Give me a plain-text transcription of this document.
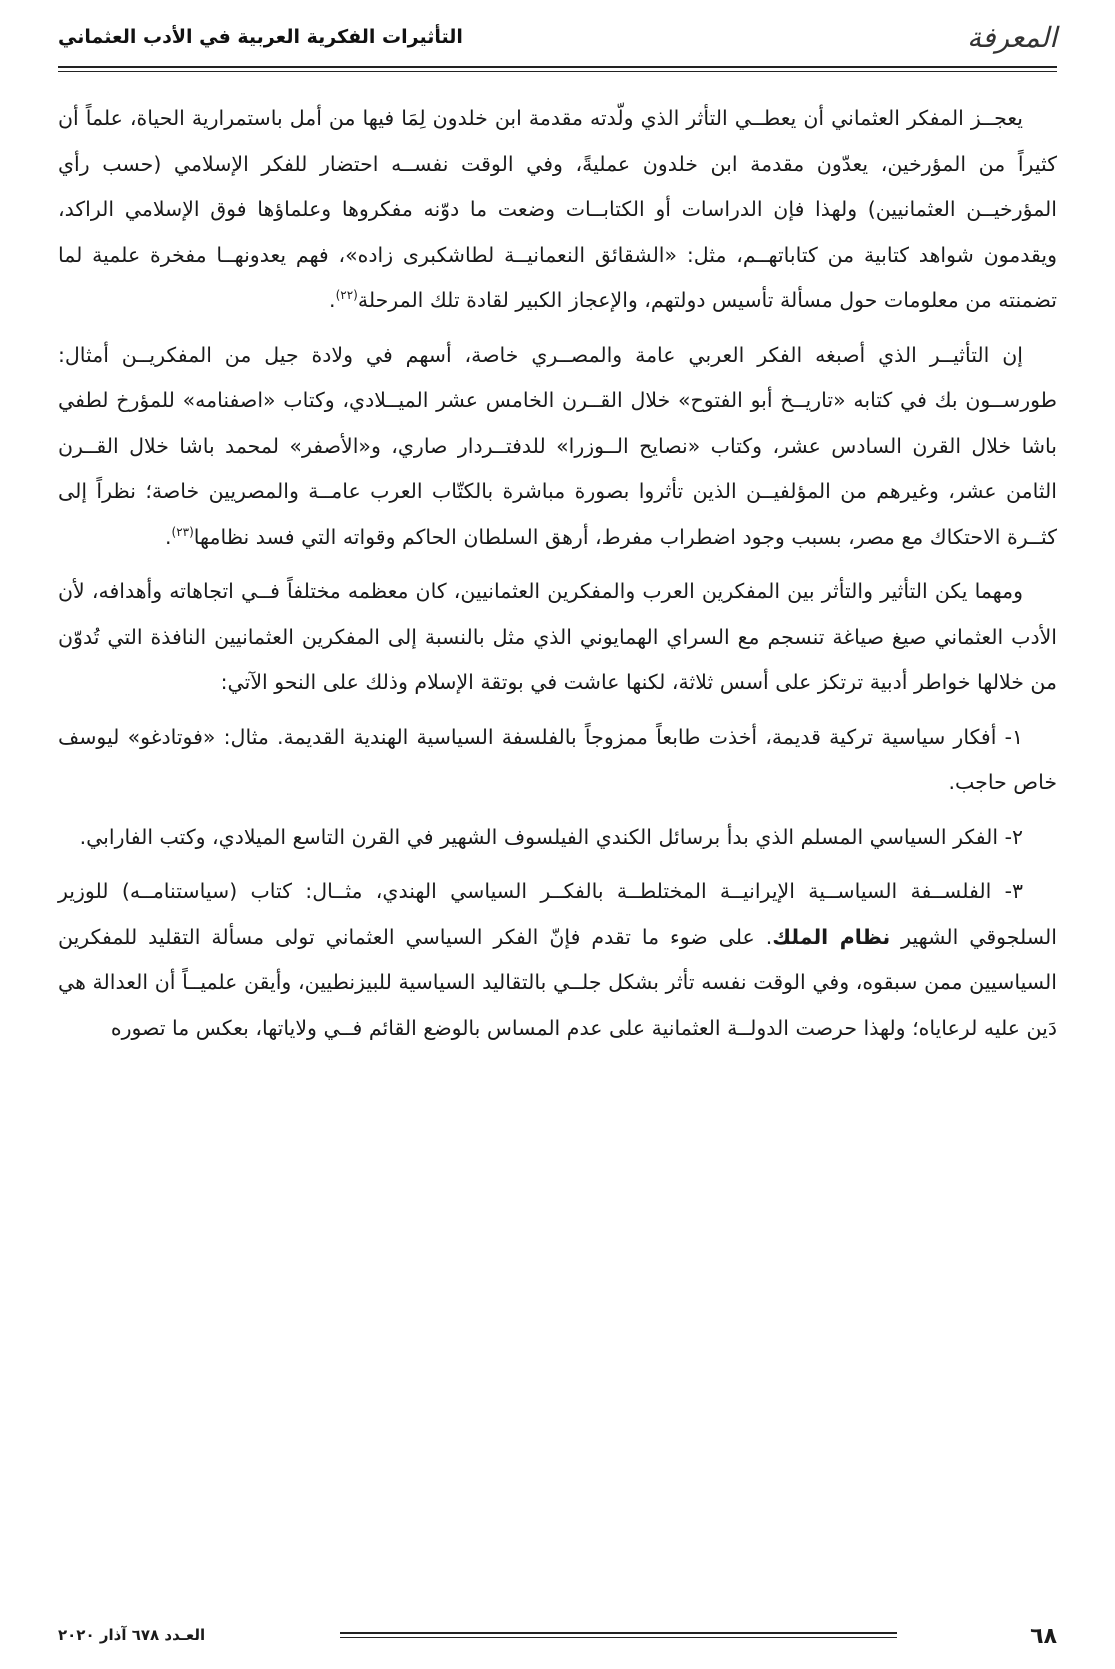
المعرفة
التأثيرات الفكرية العربية في الأدب العثماني

يعجــز المفكر العثماني أن يعطــي التأثر الذي ولّدته مقدمة ابن خلدون لِمَا فيها من أمل باستمرارية الحياة، علماً أن كثيراً من المؤرخين، يعدّون مقدمة ابن خلدون عمليةً، وفي الوقت نفســه احتضار للفكر الإسلامي (حسب رأي المؤرخيــن العثمانيين) ولهذا فإن الدراسات أو الكتابــات وضعت ما دوّنه مفكروها وعلماؤها فوق الإسلامي الراكد، ويقدمون شواهد كتابية من كتاباتهــم، مثل: «الشقائق النعمانيــة لطاشكبرى زاده»، فهم يعدونهــا مفخرة علمية لما تضمنته من معلومات حول مسألة تأسيس دولتهم، والإعجاز الكبير لقادة تلك المرحلة$^{(٢٢)}$.

إن التأثيــر الذي أصبغه الفكر العربي عامة والمصــري خاصة، أسهم في ولادة جيل من المفكريــن أمثال: طورســون بك في كتابه «تاريــخ أبو الفتوح» خلال القــرن الخامس عشر الميــلادي، وكتاب «اصفنامه» للمؤرخ لطفي باشا خلال القرن السادس عشر، وكتاب «نصايح الــوزرا» للدفتــردار صاري، و«الأصفر» لمحمد باشا خلال القــرن الثامن عشر، وغيرهم من المؤلفيــن الذين تأثروا بصورة مباشرة بالكتّاب العرب عامــة والمصريين خاصة؛ نظراً إلى كثــرة الاحتكاك مع مصر، بسبب وجود اضطراب مفرط، أرهق السلطان الحاكم وقواته التي فسد نظامها$^{(٢٣)}$.

ومهما يكن التأثير والتأثر بين المفكرين العرب والمفكرين العثمانيين، كان معظمه مختلفاً فــي اتجاهاته وأهدافه، لأن الأدب العثماني صيغ صياغة تنسجم مع السراي الهمايوني الذي مثل بالنسبة إلى المفكرين العثمانيين النافذة التي تُدوّن من خلالها خواطر أدبية ترتكز على أسس ثلاثة، لكنها عاشت في بوتقة الإسلام وذلك على النحو الآتي:

١- أفكار سياسية تركية قديمة، أخذت طابعاً ممزوجاً بالفلسفة السياسية الهندية القديمة. مثال: «فوتادغو» ليوسف خاص حاجب.

٢- الفكر السياسي المسلم الذي بدأ برسائل الكندي الفيلسوف الشهير في القرن التاسع الميلادي، وكتب الفارابي.

٣- الفلســفة السياســية الإيرانيــة المختلطــة بالفكــر السياسي الهندي، مثــال: كتاب (سياستنامــه) للوزير السلجوقي الشهير نظام الملك. على ضوء ما تقدم فإنّ الفكر السياسي العثماني تولى مسألة التقليد للمفكرين السياسيين ممن سبقوه، وفي الوقت نفسه تأثر بشكل جلــي بالتقاليد السياسية للبيزنطيين، وأيقن علميــاً أن العدالة هي دَين عليه لرعاياه؛ ولهذا حرصت الدولــة العثمانية على عدم المساس بالوضع القائم فــي ولاياتها، بعكس ما تصوره

٦٨
العـدد ٦٧٨ آذار ٢٠٢٠
